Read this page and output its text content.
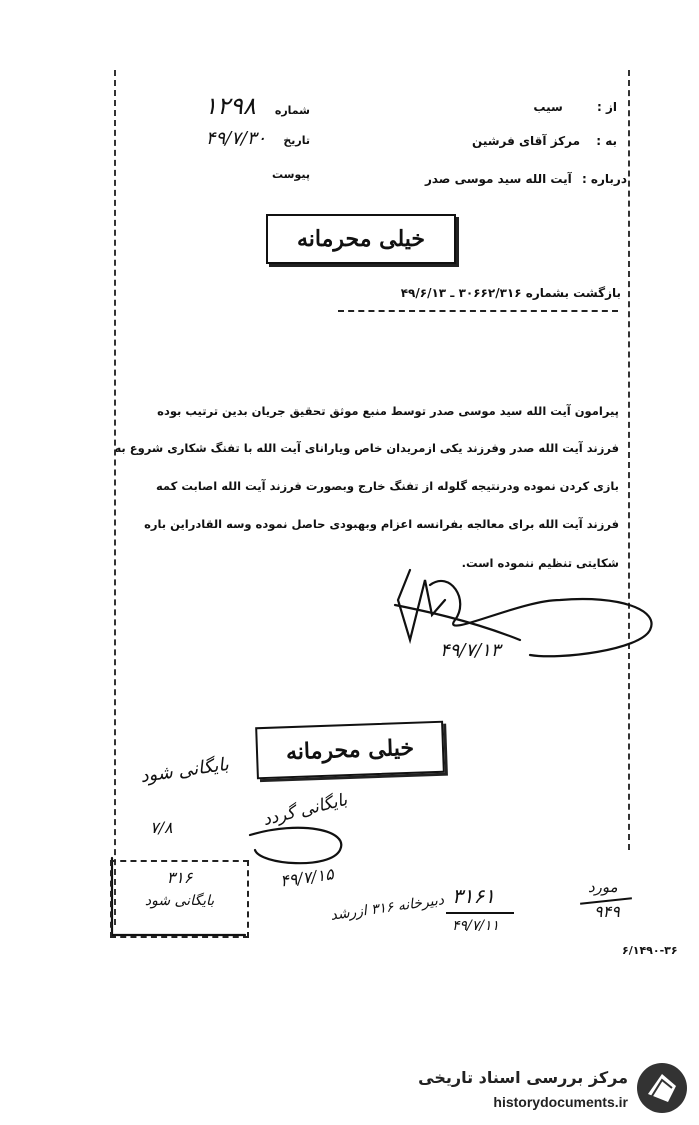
از : سیب
به : مرکز آقای فرشین
درباره : آیت الله سید موسی صدر
شماره ۱۲۹۸
تاریخ ۴۹/۷/۳۰
پیوست
خیلی محرمانه
بازگشت بشماره ۳۰۶۶۲/۳۱۶ ـ ۴۹/۶/۱۳
پیرامون آیت الله سید موسی صدر توسط منبع موثق تحقیق جریان بدین ترتیب بوده
فرزند آیت الله صدر وفرزند یکی ازمریدان خاص ویارانای آیت الله با تفنگ شکاری شروع به
بازی کردن نموده ودرنتیجه گلوله از تفنگ خارج وبصورت فرزند آیت الله اصابت کمه
فرزند آیت الله برای معالجه بفرانسه اعزام وبهبودی حاصل نموده وسه القادراین باره
شکایتی تنظیم ننموده است.
۴۹/۷/۱۳
خیلی محرمانه
بایگانی شود
۷/۸	بایگانی گردد
۴۹/۷/۱۵
۳۱۶
بایگانی شود	۳۱۶۱
دبیرخانه ۳۱۶ ازرشد
۴۹/۷/۱۱
مورد
۹۴۹
۶/۱۴۹۰-۳۶
مرکز بررسی اسناد تاریخی
historydocuments.ir
